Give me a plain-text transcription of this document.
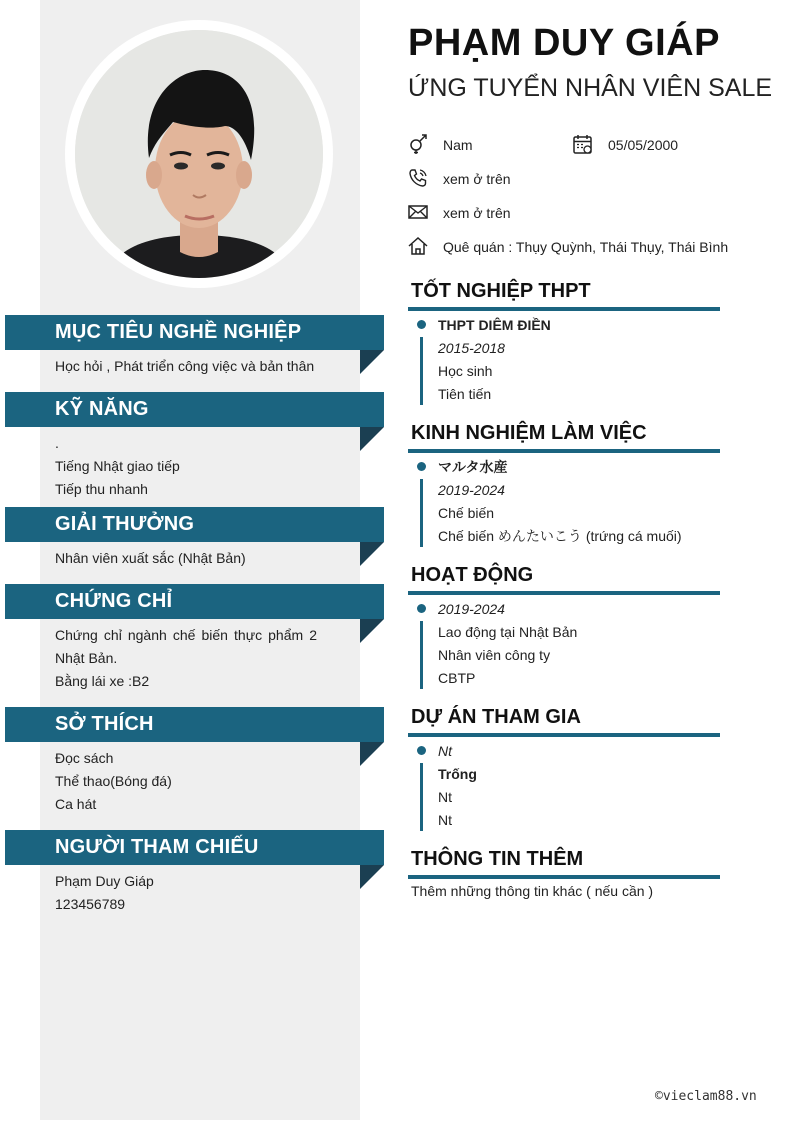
MỤC TIÊU NGHỀ NGHIỆP
Học hỏi , Phát triển công việc và bản thân
KỸ NĂNG
.
Tiếng Nhật giao tiếp
Tiếp thu nhanh
GIẢI THƯỞNG
Nhân viên xuất sắc (Nhật Bản)
CHỨNG CHỈ
Chứng chỉ ngành chế biến thực phẩm 2
Nhật Bản.
Bằng lái xe :B2
SỞ THÍCH
Đọc sách
Thể thao(Bóng đá)
Ca hát
NGƯỜI THAM CHIẾU
Phạm Duy Giáp
123456789
PHẠM DUY GIÁP
ỨNG TUYỂN NHÂN VIÊN SALE
Nam	05/05/2000
xem ở trên
xem ở trên
Quê quán : Thụy Quỳnh, Thái Thụy, Thái Bình
TỐT NGHIỆP THPT
THPT DIÊM ĐIỀN
2015-2018
Học sinh
Tiên tiến
KINH NGHIỆM LÀM VIỆC
マルタ水産
2019-2024
Chế biến
Chế biến めんたいこう (trứng cá muối)
HOẠT ĐỘNG
2019-2024
Lao động tại Nhật Bản
Nhân viên công ty
CBTP
DỰ ÁN THAM GIA
Nt
Trống
Nt
Nt
THÔNG TIN THÊM
Thêm những thông tin khác ( nếu cần )
©vieclam88.vn
